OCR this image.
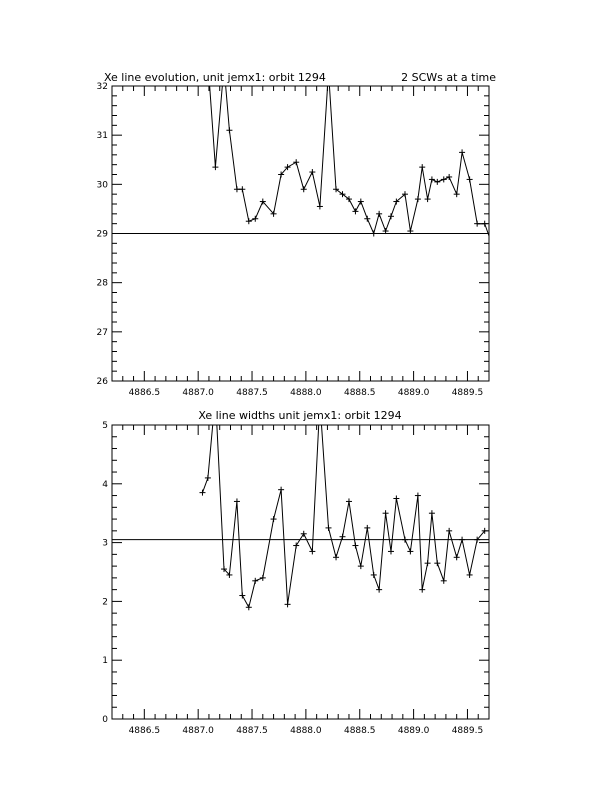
Xe line evolution, unit jemx1: orbit 1294	2 SCWs at a time
4886.5 4887.0 4887.5 4888.0 4888.5 4889.0 4889.5
26
27
28
29
30
31
32
Xe line widths unit jemx1: orbit 1294
4886.5 4887.0 4887.5 4888.0 4888.5 4889.0 4889.5
0
1
2
3
4
5
